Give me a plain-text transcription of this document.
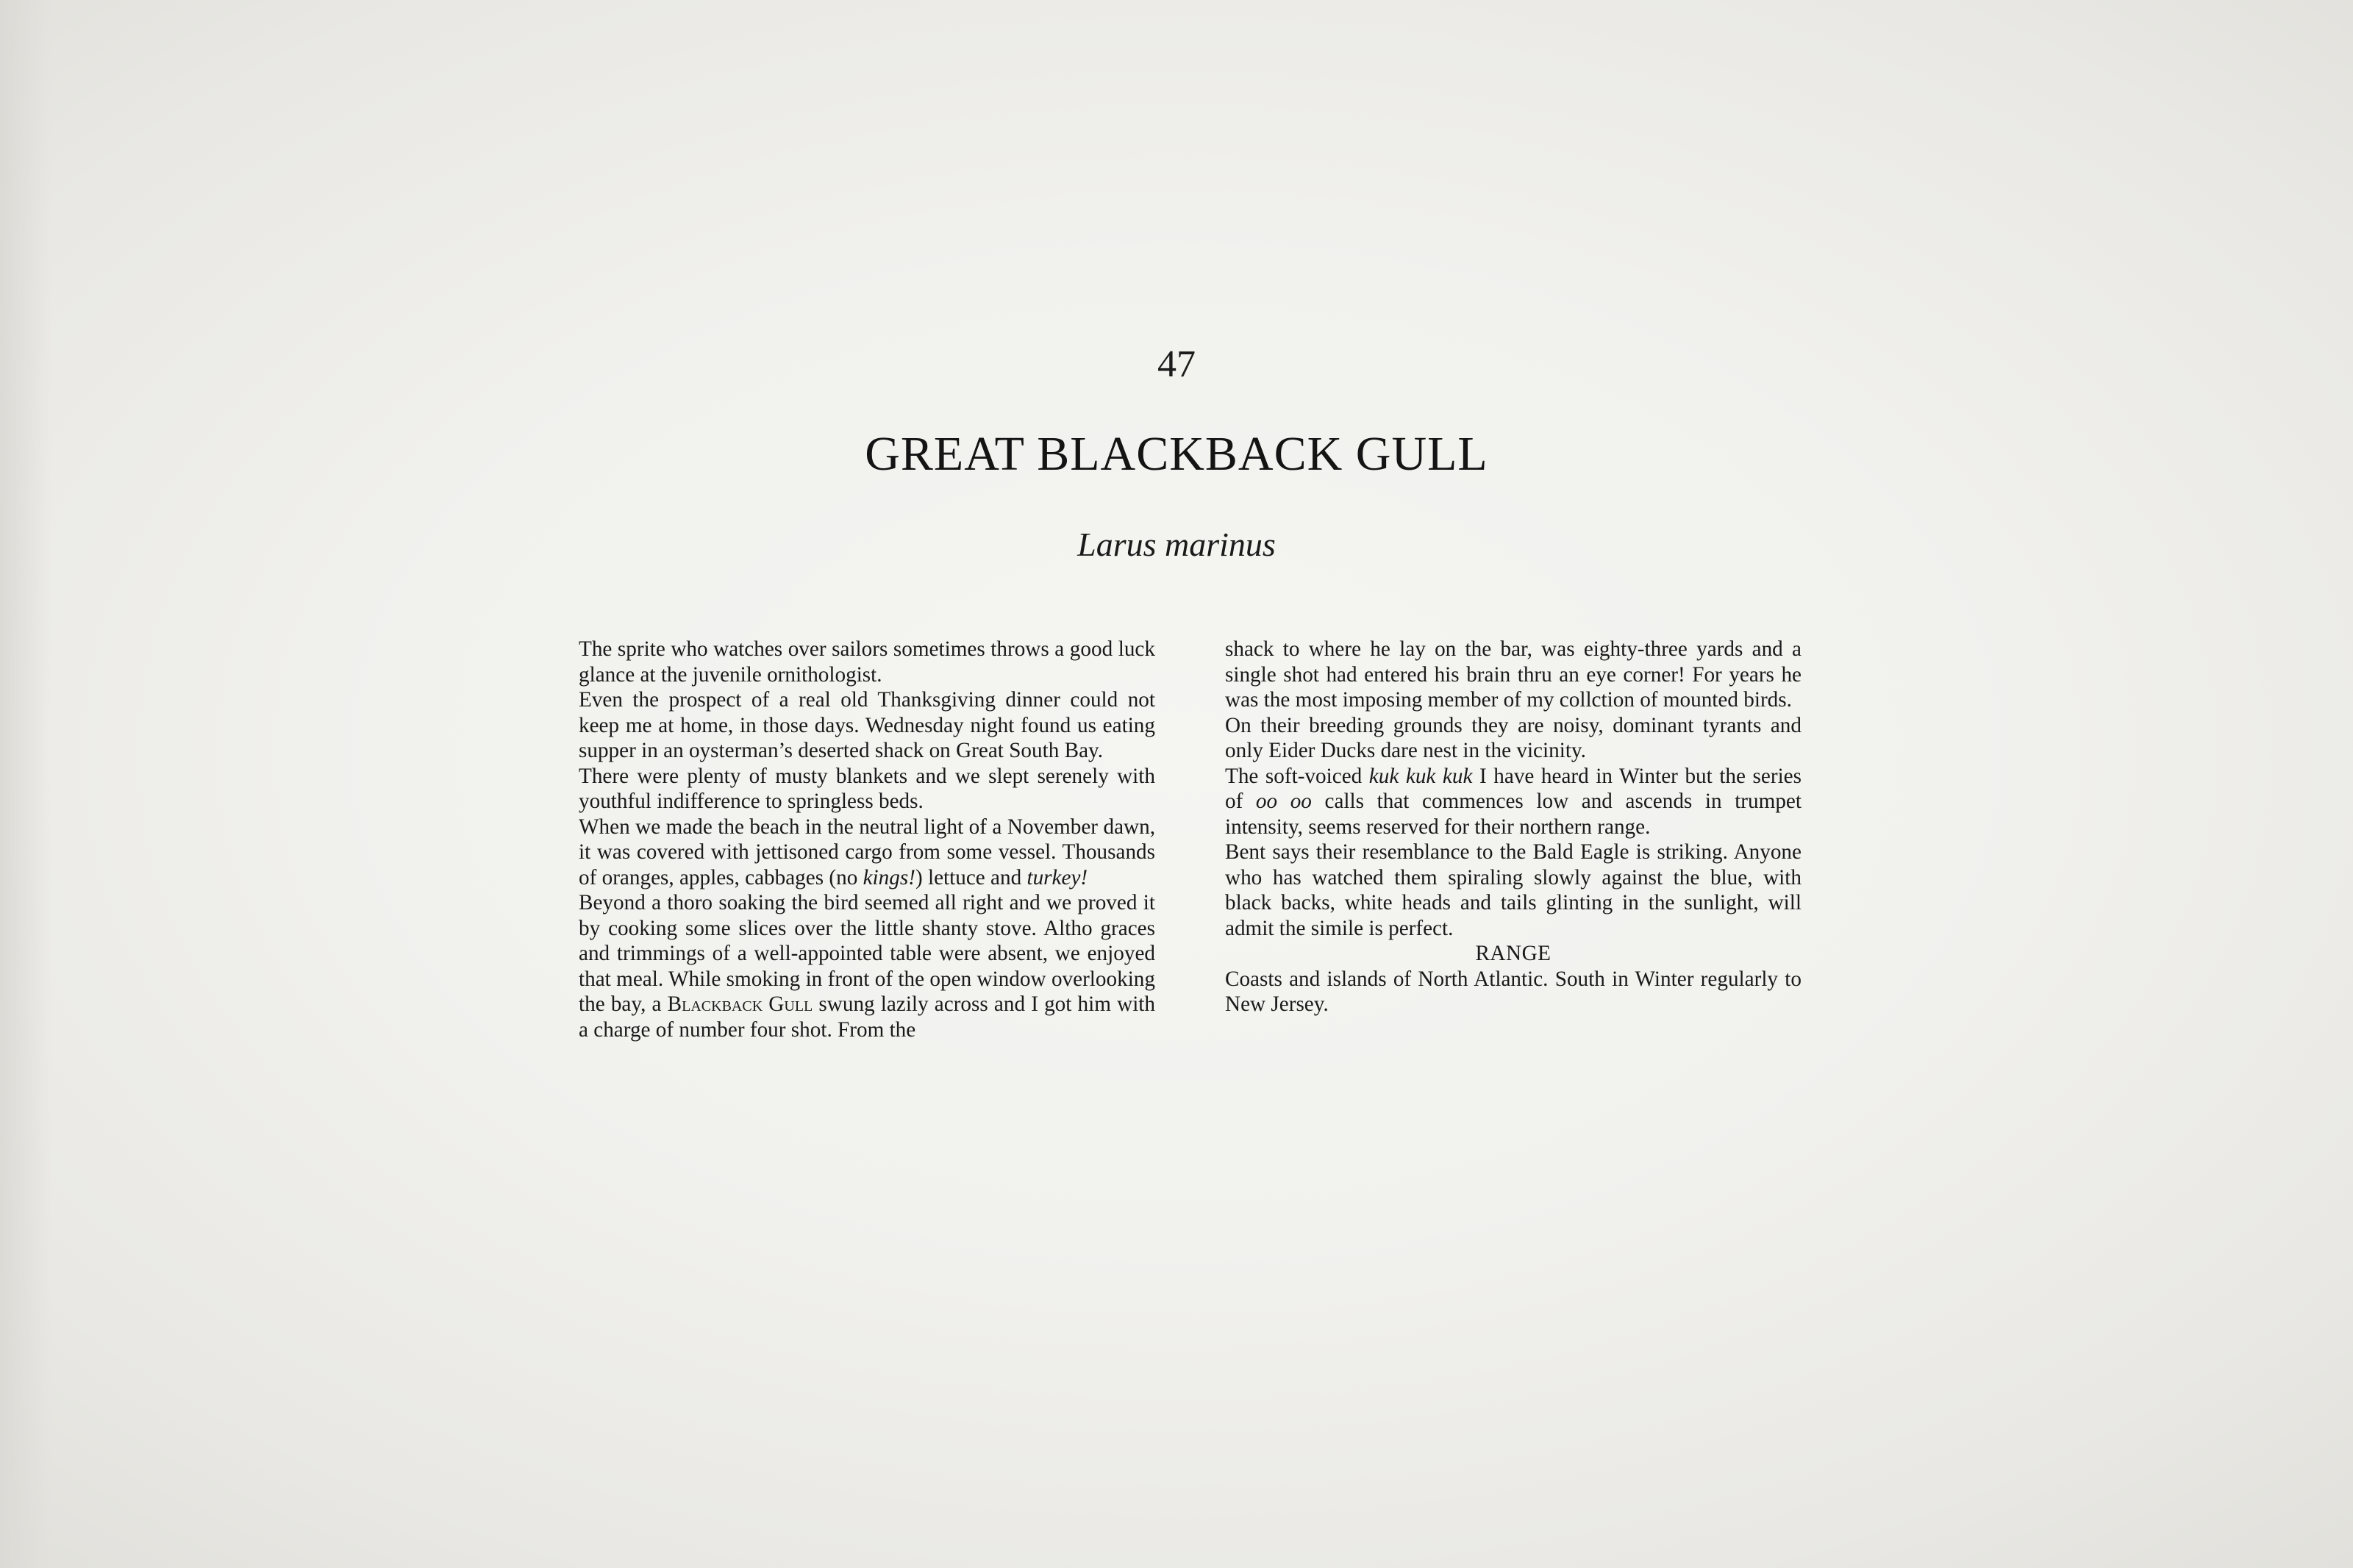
47
GREAT BLACKBACK GULL
Larus marinus

The sprite who watches over sailors sometimes throws a good luck glance at the juvenile ornithologist.

Even the prospect of a real old Thanksgiving dinner could not keep me at home, in those days. Wednesday night found us eating supper in an oysterman’s deserted shack on Great South Bay.

There were plenty of musty blankets and we slept serenely with youthful indifference to springless beds.

When we made the beach in the neutral light of a November dawn, it was covered with jettisoned cargo from some vessel. Thousands of oranges, apples, cabbages (no kings!) lettuce and turkey!

Beyond a thoro soaking the bird seemed all right and we proved it by cooking some slices over the little shanty stove. Altho graces and trimmings of a well-appointed table were absent, we enjoyed that meal. While smoking in front of the open window overlooking the bay, a Blackback Gull swung lazily across and I got him with a charge of number four shot. From the

shack to where he lay on the bar, was eighty-three yards and a single shot had entered his brain thru an eye corner! For years he was the most imposing member of my collction of mounted birds.

On their breeding grounds they are noisy, dominant tyrants and only Eider Ducks dare nest in the vicinity.

The soft-voiced kuk kuk kuk I have heard in Winter but the series of oo oo calls that commences low and ascends in trumpet intensity, seems reserved for their northern range.

Bent says their resemblance to the Bald Eagle is striking. Anyone who has watched them spiraling slowly against the blue, with black backs, white heads and tails glinting in the sunlight, will admit the simile is perfect.

RANGE

Coasts and islands of North Atlantic. South in Winter regularly to New Jersey.
